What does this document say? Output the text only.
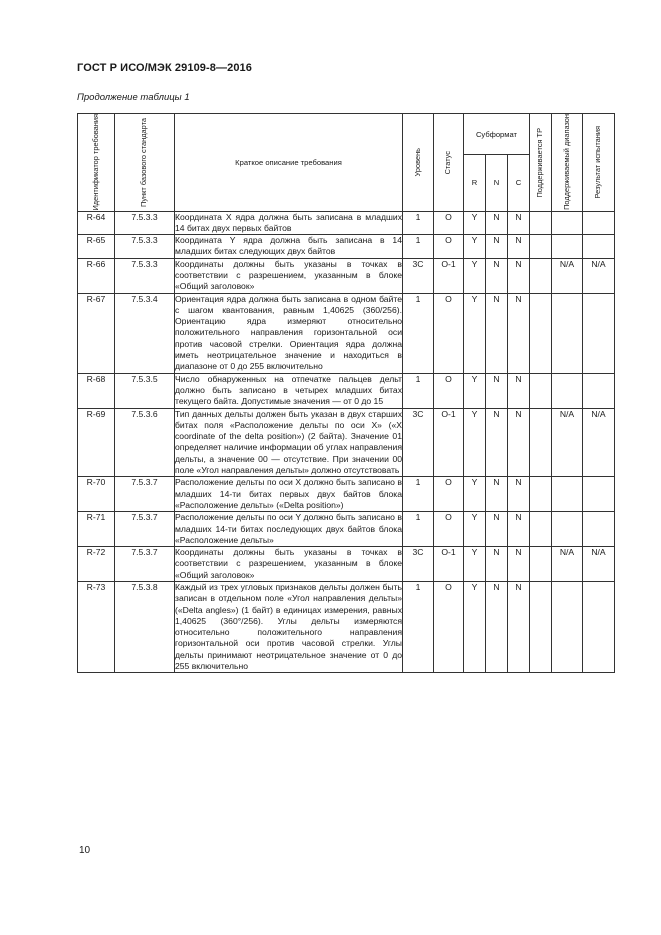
ГОСТ Р ИСО/МЭК 29109-8—2016
Продолжение таблицы 1
Идентификатор требования	Пункт базового стандарта	Краткое описание требования	Уровень	Статус	Субформат			Поддерживается TP	Поддерживаемый диапазон	Результат испытания

					R	N	C			
R-64	7.5.3.3	Координата X ядра должна быть записана в младших 14 битах двух первых байтов	1	O	Y	N	N			
R-65	7.5.3.3	Координата Y ядра должна быть записана в 14 младших битах следующих двух байтов	1	O	Y	N	N			
R-66	7.5.3.3	Координаты должны быть указаны в точках в соответствии с разрешением, указанным в блоке «Общий заголовок»	3C	O-1	Y	N	N		N/A	N/A
R-67	7.5.3.4	Ориентация ядра должна быть записана в одном байте с шагом квантования, равным 1,40625 (360/256). Ориентацию ядра измеряют относительно положительного направления горизонтальной оси против часовой стрелки. Ориентация ядра должна иметь неотрицательное значение и находиться в диапазоне от 0 до 255 включительно	1	O	Y	N	N			
R-68	7.5.3.5	Число обнаруженных на отпечатке пальцев дельт должно быть записано в четырех младших битах текущего байта. Допустимые значения — от 0 до 15	1	O	Y	N	N			
R-69	7.5.3.6	Тип данных дельты должен быть указан в двух старших битах поля «Расположение дельты по оси X» («X coordinate of the delta position») (2 байта). Значение 01 определяет наличие информации об углах направления дельты, а значение 00 — отсутствие. При значении 00 поле «Угол направления дельты» должно отсутствовать	3C	O-1	Y	N	N		N/A	N/A
R-70	7.5.3.7	Расположение дельты по оси X должно быть записано в младших 14-ти битах первых двух байтов блока «Расположение дельты» («Delta position»)	1	O	Y	N	N			
R-71	7.5.3.7	Расположение дельты по оси Y должно быть записано в младших 14-ти битах последующих двух байтов блока «Расположение дельты»	1	O	Y	N	N			
R-72	7.5.3.7	Координаты должны быть указаны в точках в соответствии с разрешением, указанным в блоке «Общий заголовок»	3C	O-1	Y	N	N		N/A	N/A
R-73	7.5.3.8	Каждый из трех угловых признаков дельты должен быть записан в отдельном поле «Угол направления дельты» («Delta angles») (1 байт) в единицах измерения, равных 1,40625 (360°/256). Углы дельты измеряются относительно положительного направления горизонтальной оси против часовой стрелки. Углы дельты принимают неотрицательное значение от 0 до 255 включительно	1	O	Y	N	N			
10
